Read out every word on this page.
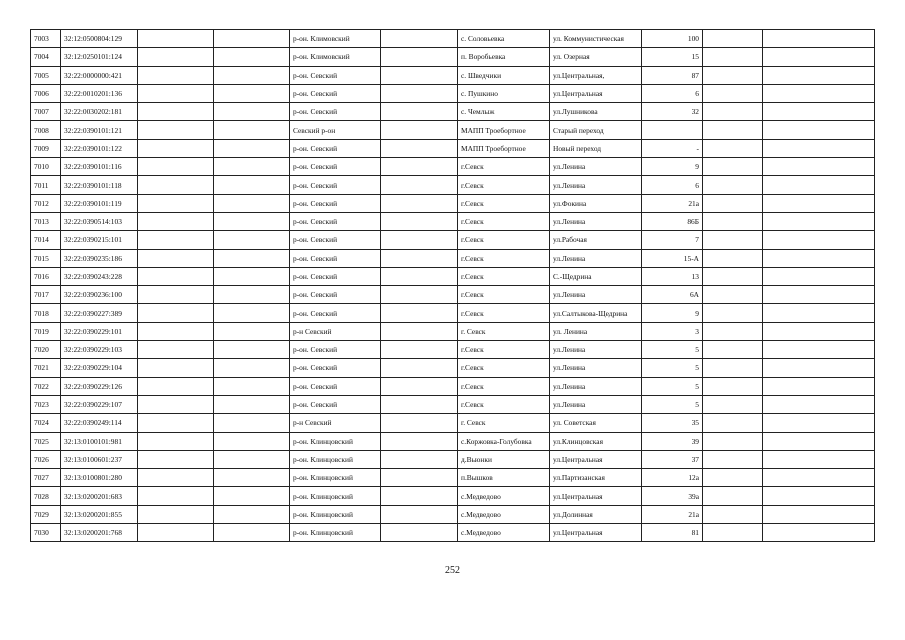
7003	32:12:0500804:129			р-он. Климовский		с. Соловьевка	ул. Коммунистическая	100		
7004	32:12:0250101:124			р-он. Климовский		п. Воробьевка	ул. Озерная	15		
7005	32:22:0000000:421			р-он. Севский		с. Шведчики	ул.Центральная,	87		
7006	32:22:0010201:136			р-он. Севский		с. Пушкино	ул.Центральная	6		
7007	32:22:0030202:181			р-он. Севский		с. Чемлыж	ул.Лушникова	32		
7008	32:22:0390101:121			Севский р-он		МАПП Троебортное	Старый переход			
7009	32:22:0390101:122			р-он. Севский		МАПП Троебортное	Новый переход	-		
7010	32:22:0390101:116			р-он. Севский		г.Севск	ул.Ленина	9		
7011	32:22:0390101:118			р-он. Севский		г.Севск	ул.Ленина	6		
7012	32:22:0390101:119			р-он. Севский		г.Севск	ул.Фокина	21а		
7013	32:22:0390514:103			р-он. Севский		г.Севск	ул.Ленина	86Б		
7014	32:22:0390215:101			р-он. Севский		г.Севск	ул.Рабочая	7		
7015	32:22:0390235:186			р-он. Севский		г.Севск	ул.Ленина	15-А		
7016	32:22:0390243:228			р-он. Севский		г.Севск	С.-Щедрина	13		
7017	32:22:0390236:100			р-он. Севский		г.Севск	ул.Ленина	6А		
7018	32:22:0390227:389			р-он. Севский		г.Севск	ул.Салтыкова-Щедрина	9		
7019	32:22:0390229:101			р-н Севский		г. Севск	ул. Ленина	3		
7020	32:22:0390229:103			р-он. Севский		г.Севск	ул.Ленина	5		
7021	32:22:0390229:104			р-он. Севский		г.Севск	ул.Ленина	5		
7022	32:22:0390229:126			р-он. Севский		г.Севск	ул.Ленина	5		
7023	32:22:0390229:107			р-он. Севский		г.Севск	ул.Ленина	5		
7024	32:22:0390249:114			р-н Севский		г. Севск	ул. Советская	35		
7025	32:13:0100101:981			р-он. Клинцовский		с.Коржовка-Голубовка	ул.Клинцовская	39		
7026	32:13:0100601:237			р-он. Клинцовский		д.Вьюнки	ул.Центральная	37		
7027	32:13:0100801:280			р-он. Клинцовский		п.Вышков	ул.Партизанская	12а		
7028	32:13:0200201:683			р-он. Клинцовский		с.Медведово	ул.Центральная	39а		
7029	32:13:0200201:855			р-он. Клинцовский		с.Медведово	ул.Долинная	21а		
7030	32:13:0200201:768			р-он. Клинцовский		с.Медведово	ул.Центральная	81		
252
